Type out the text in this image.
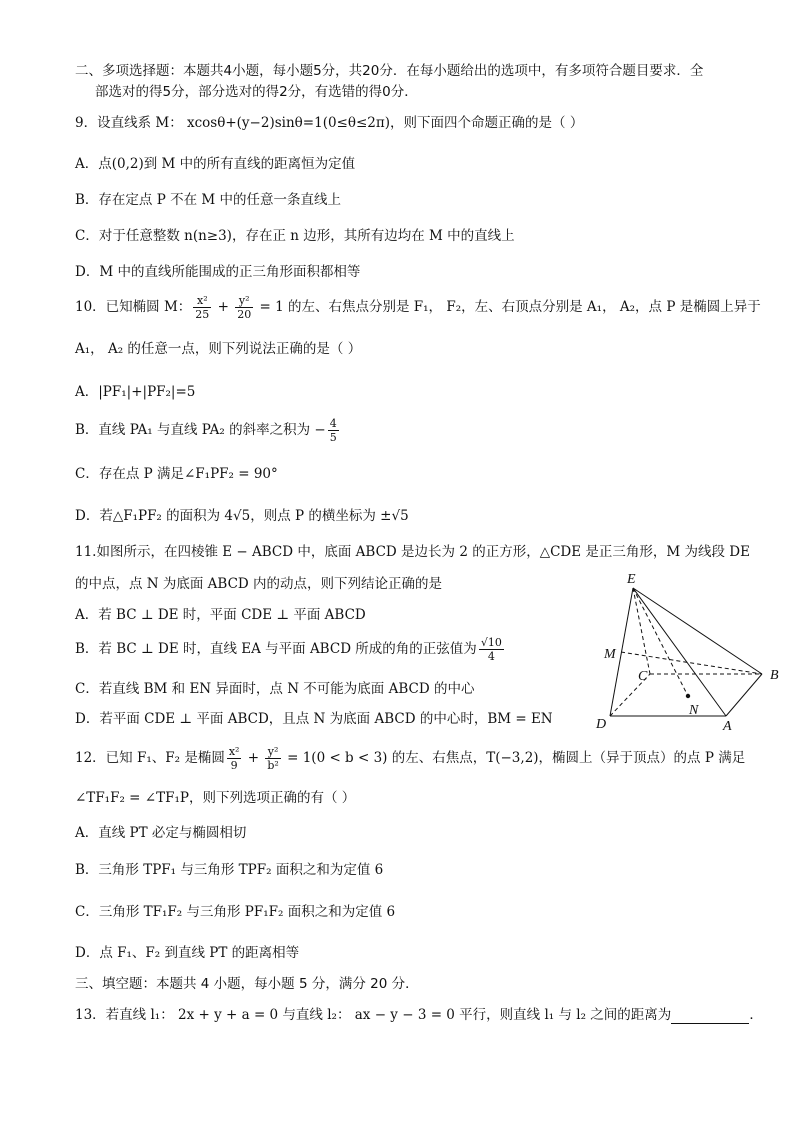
二、多项选择题：本题共4小题，每小题5分，共20分．在每小题给出的选项中，有多项符合题目要求．全
部选对的得5分，部分选对的得2分，有选错的得0分．
9．设直线系 M： xcosθ+(y−2)sinθ=1(0≤θ≤2π)，则下面四个命题正确的是（ ）
A．点(0,2)到 M 中的所有直线的距离恒为定值
B．存在定点 P 不在 M 中的任意一条直线上
C．对于任意整数 n(n≥3)，存在正 n 边形，其所有边均在 M 中的直线上
D．M 中的直线所能围成的正三角形面积都相等
10．已知椭圆 M： $\frac{\text{x²}}{25} + \frac{\text{y²}}{20} = 1$ 的左、右焦点分别是 F₁， F₂，左、右顶点分别是 A₁， A₂，点 P 是椭圆上异于
A₁， A₂ 的任意一点，则下列说法正确的是（ ）
A．|PF₁|+|PF₂|=5
B．直线 PA₁ 与直线 PA₂ 的斜率之积为 − $\frac{4}{5}$
C．存在点 P 满足∠F₁PF₂ = 90°
D．若△F₁PF₂ 的面积为 4√5，则点 P 的横坐标为 ±√5
11.如图所示，在四棱锥 E − ABCD 中，底面 ABCD 是边长为 2 的正方形，△CDE 是正三角形，M 为线段 DE
的中点，点 N 为底面 ABCD 内的动点，则下列结论正确的是
A．若 BC ⊥ DE 时，平面 CDE ⊥ 平面 ABCD
B．若 BC ⊥ DE 时，直线 EA 与平面 ABCD 所成的角的正弦值为 $\frac{√10}{4}$
C．若直线 BM 和 EN 异面时，点 N 不可能为底面 ABCD 的中心
D．若平面 CDE ⊥ 平面 ABCD，且点 N 为底面 ABCD 的中心时，BM = EN
E
M
C	B
N
D	A
12．已知 F₁、F₂ 是椭圆 $\frac{\text{x²}}{9} + \frac{\text{y²}}{\text{b²}} = 1(0 < b < 3)$ 的左、右焦点，T(−3,2)，椭圆上（异于顶点）的点 P 满足
∠TF₁F₂ = ∠TF₁P，则下列选项正确的有（ ）
A．直线 PT 必定与椭圆相切
B．三角形 TPF₁ 与三角形 TPF₂ 面积之和为定值 6
C．三角形 TF₁F₂ 与三角形 PF₁F₂ 面积之和为定值 6
D．点 F₁、F₂ 到直线 PT 的距离相等
三、填空题：本题共 4 小题，每小题 5 分，满分 20 分．
13．若直线 l₁： 2x + y + a = 0 与直线 l₂： ax − y − 3 = 0 平行，则直线 l₁ 与 l₂ 之间的距离为	．
